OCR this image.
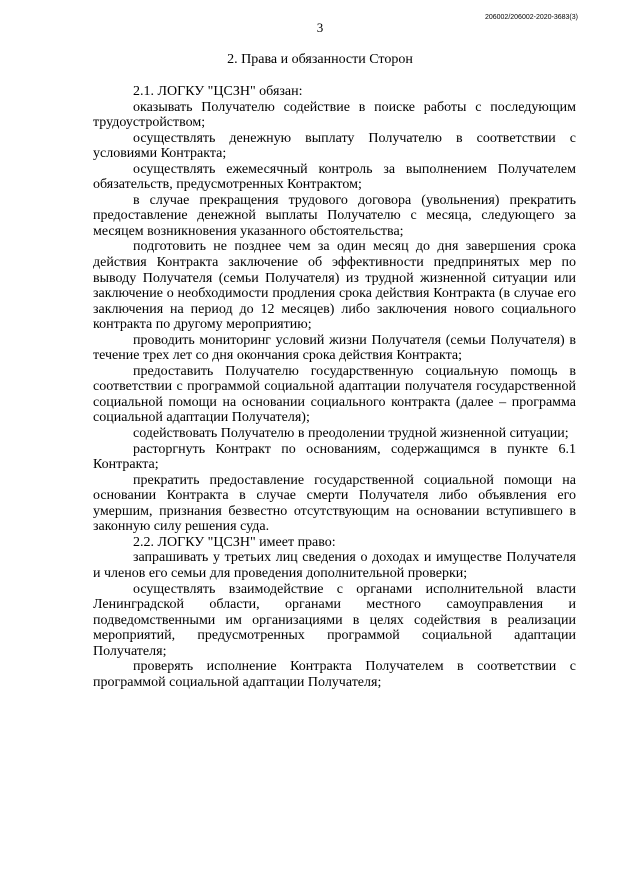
3
206002/206002-2020-3683(3)
2. Права и обязанности Сторон

2.1. ЛОГКУ "ЦСЗН" обязан:

оказывать Получателю содействие в поиске работы с последующим трудоустройством;

осуществлять денежную выплату Получателю в соответствии с условиями Контракта;

осуществлять ежемесячный контроль за выполнением Получателем обязательств, предусмотренных Контрактом;

в случае прекращения трудового договора (увольнения) прекратить предоставление денежной выплаты Получателю с месяца, следующего за месяцем возникновения указанного обстоятельства;

подготовить не позднее чем за один месяц до дня завершения срока действия Контракта заключение об эффективности предпринятых мер по выводу Получателя (семьи Получателя) из трудной жизненной ситуации или заключение о необходимости продления срока действия Контракта (в случае его заключения на период до 12 месяцев) либо заключения нового социального контракта по другому мероприятию;

проводить мониторинг условий жизни Получателя (семьи Получателя) в течение трех лет со дня окончания срока действия Контракта;

предоставить Получателю государственную социальную помощь в соответствии с программой социальной адаптации получателя государственной социальной помощи на основании социального контракта (далее – программа социальной адаптации Получателя);

содействовать Получателю в преодолении трудной жизненной ситуации;

расторгнуть Контракт по основаниям, содержащимся в пункте 6.1 Контракта;

прекратить предоставление государственной социальной помощи на основании Контракта в случае смерти Получателя либо объявления его умершим, признания безвестно отсутствующим на основании вступившего в законную силу решения суда.

2.2. ЛОГКУ "ЦСЗН" имеет право:

запрашивать у третьих лиц сведения о доходах и имуществе Получателя и членов его семьи для проведения дополнительной проверки;

осуществлять взаимодействие с органами исполнительной власти Ленинградской области, органами местного самоуправления и подведомственными им организациями в целях содействия в реализации мероприятий, предусмотренных программой социальной адаптации Получателя;

проверять исполнение Контракта Получателем в соответствии с программой социальной адаптации Получателя;
